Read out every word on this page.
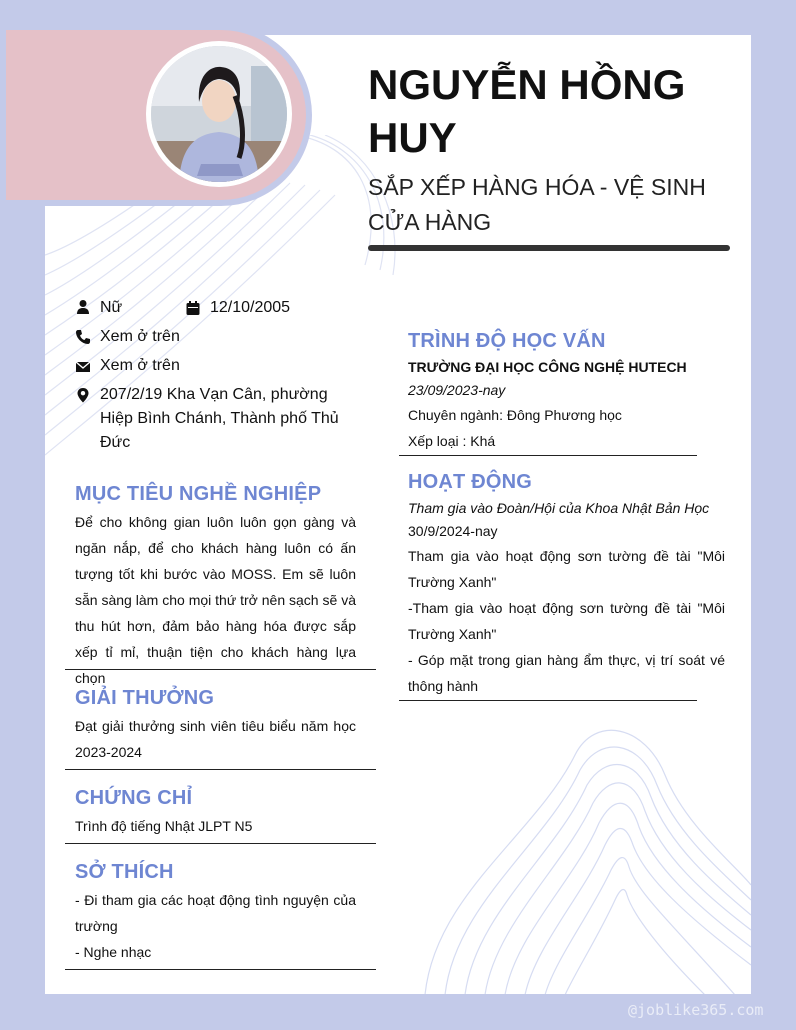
NGUYỄN HỒNG HUY
SẮP XẾP HÀNG HÓA - VỆ SINH CỬA HÀNG
Nữ	12/10/2005
Xem ở trên
Xem ở trên
207/2/19 Kha Vạn Cân, phường Hiệp Bình Chánh, Thành phố Thủ Đức
MỤC TIÊU NGHỀ NGHIỆP
Để cho không gian luôn luôn gọn gàng và ngăn nắp, để cho khách hàng luôn có ấn tượng tốt khi bước vào MOSS. Em sẽ luôn sẵn sàng làm cho mọi thứ trở nên sạch sẽ và thu hút hơn, đảm bảo hàng hóa được sắp xếp tỉ mỉ, thuận tiện cho khách hàng lựa chọn
GIẢI THƯỞNG
Đạt giải thưởng sinh viên tiêu biểu năm học 2023-2024
CHỨNG CHỈ
Trình độ tiếng Nhật JLPT N5
SỞ THÍCH
- Đi tham gia các hoạt động tình nguyện của trường
- Nghe nhạc
TRÌNH ĐỘ HỌC VẤN
TRƯỜNG ĐẠI HỌC CÔNG NGHỆ HUTECH
23/09/2023-nay
Chuyên ngành: Đông Phương học
Xếp loại : Khá
HOẠT ĐỘNG
Tham gia vào Đoàn/Hội của Khoa Nhật Bản Học
30/9/2024-nay
Tham gia vào hoạt động sơn tường đề tài "Môi Trường Xanh"
-Tham gia vào hoạt động sơn tường đề tài "Môi Trường Xanh"
- Góp mặt trong gian hàng ẩm thực, vị trí soát vé thông hành
@joblike365.com
